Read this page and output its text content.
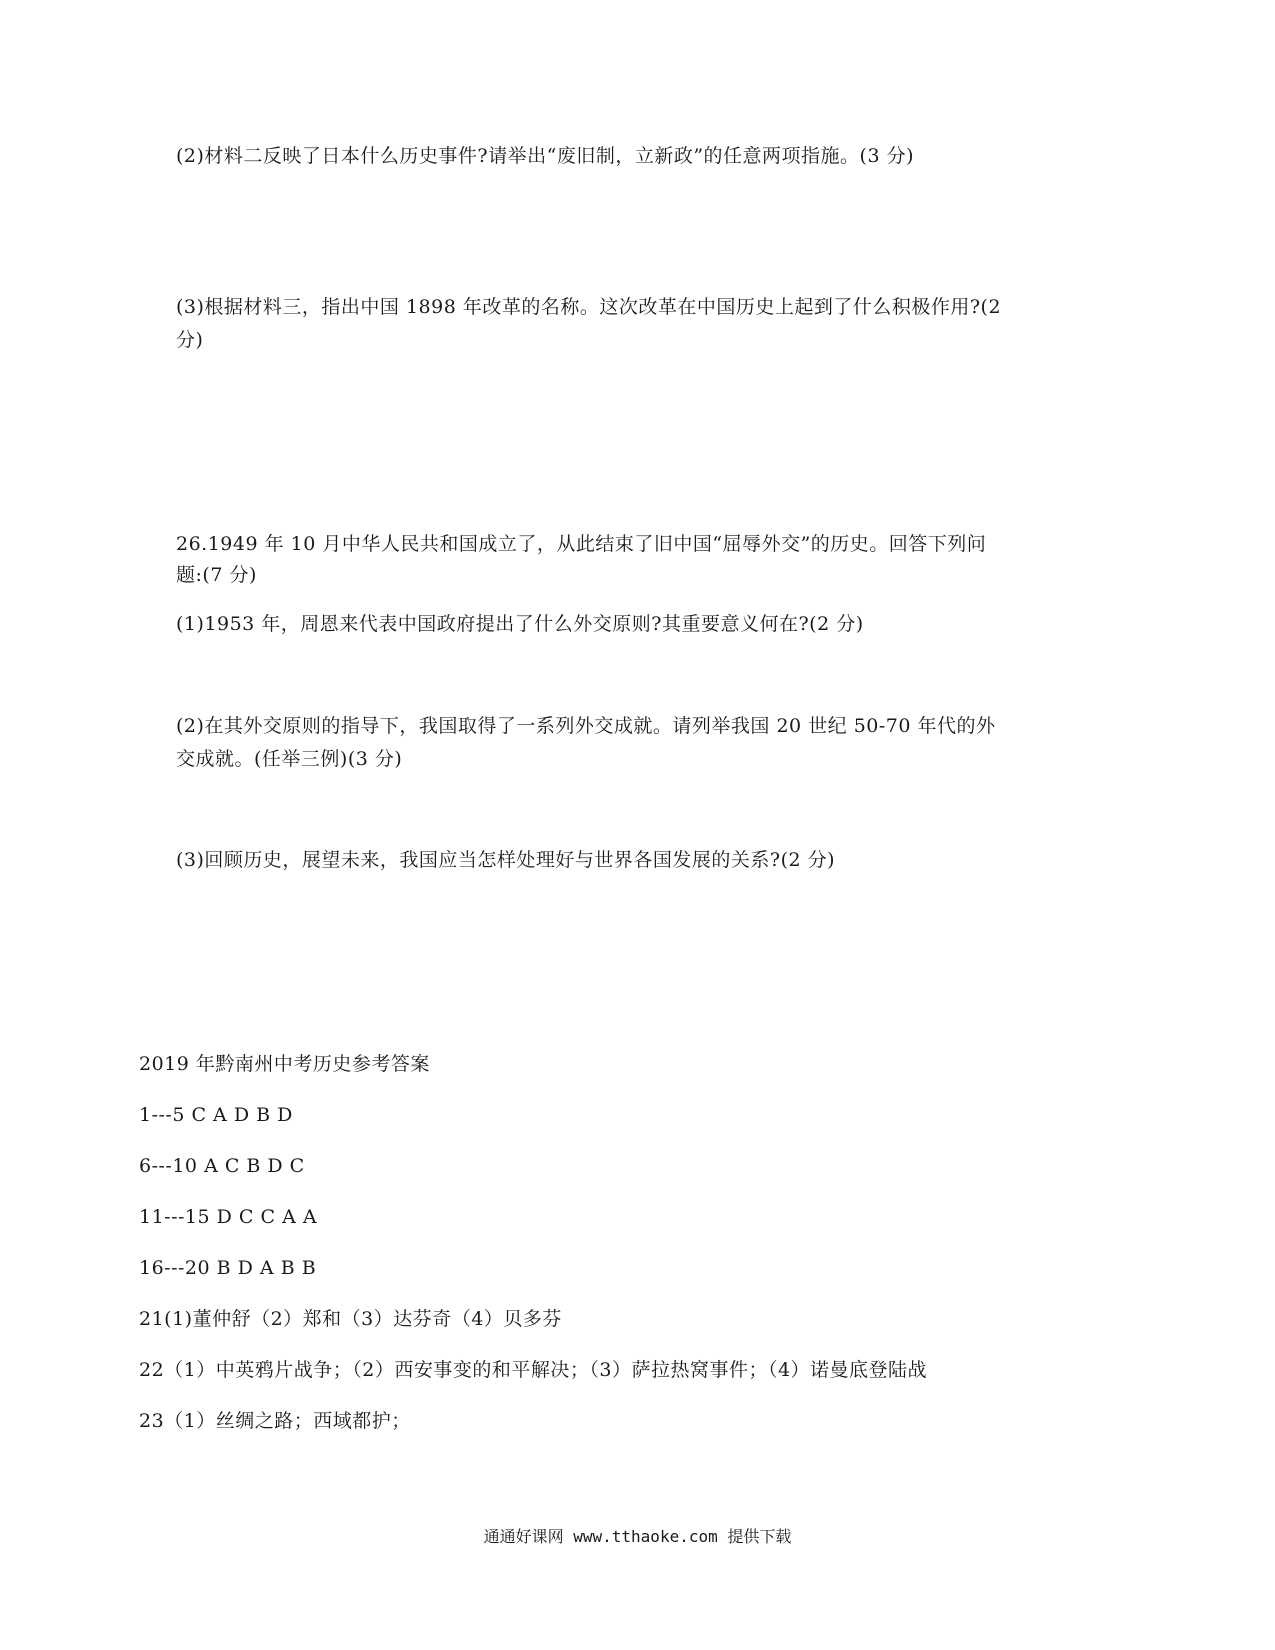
(2)材料二反映了日本什么历史事件?请举出“废旧制，立新政”的任意两项指施。(3 分)
(3)根据材料三，指出中国 1898 年改革的名称。这次改革在中国历史上起到了什么积极作用?(2
分)
26.1949 年 10 月中华人民共和国成立了，从此结束了旧中国“屈辱外交”的历史。回答下列问
题:(7 分)
(1)1953 年，周恩来代表中国政府提出了什么外交原则?其重要意义何在?(2 分)
(2)在其外交原则的指导下，我国取得了一系列外交成就。请列举我国 20 世纪 50-70 年代的外
交成就。(任举三例)(3 分)
(3)回顾历史，展望未来，我国应当怎样处理好与世界各国发展的关系?(2 分)
2019 年黔南州中考历史参考答案
1---5 C A D B D
6---10 A C B D C
11---15 D C C A A
16---20 B D A B B
21(1)董仲舒（2）郑和（3）达芬奇（4）贝多芬
22（1）中英鸦片战争；（2）西安事变的和平解决；（3）萨拉热窝事件；（4）诺曼底登陆战
23（1）丝绸之路；西域都护；
通通好课网 www.tthaoke.com 提供下载
